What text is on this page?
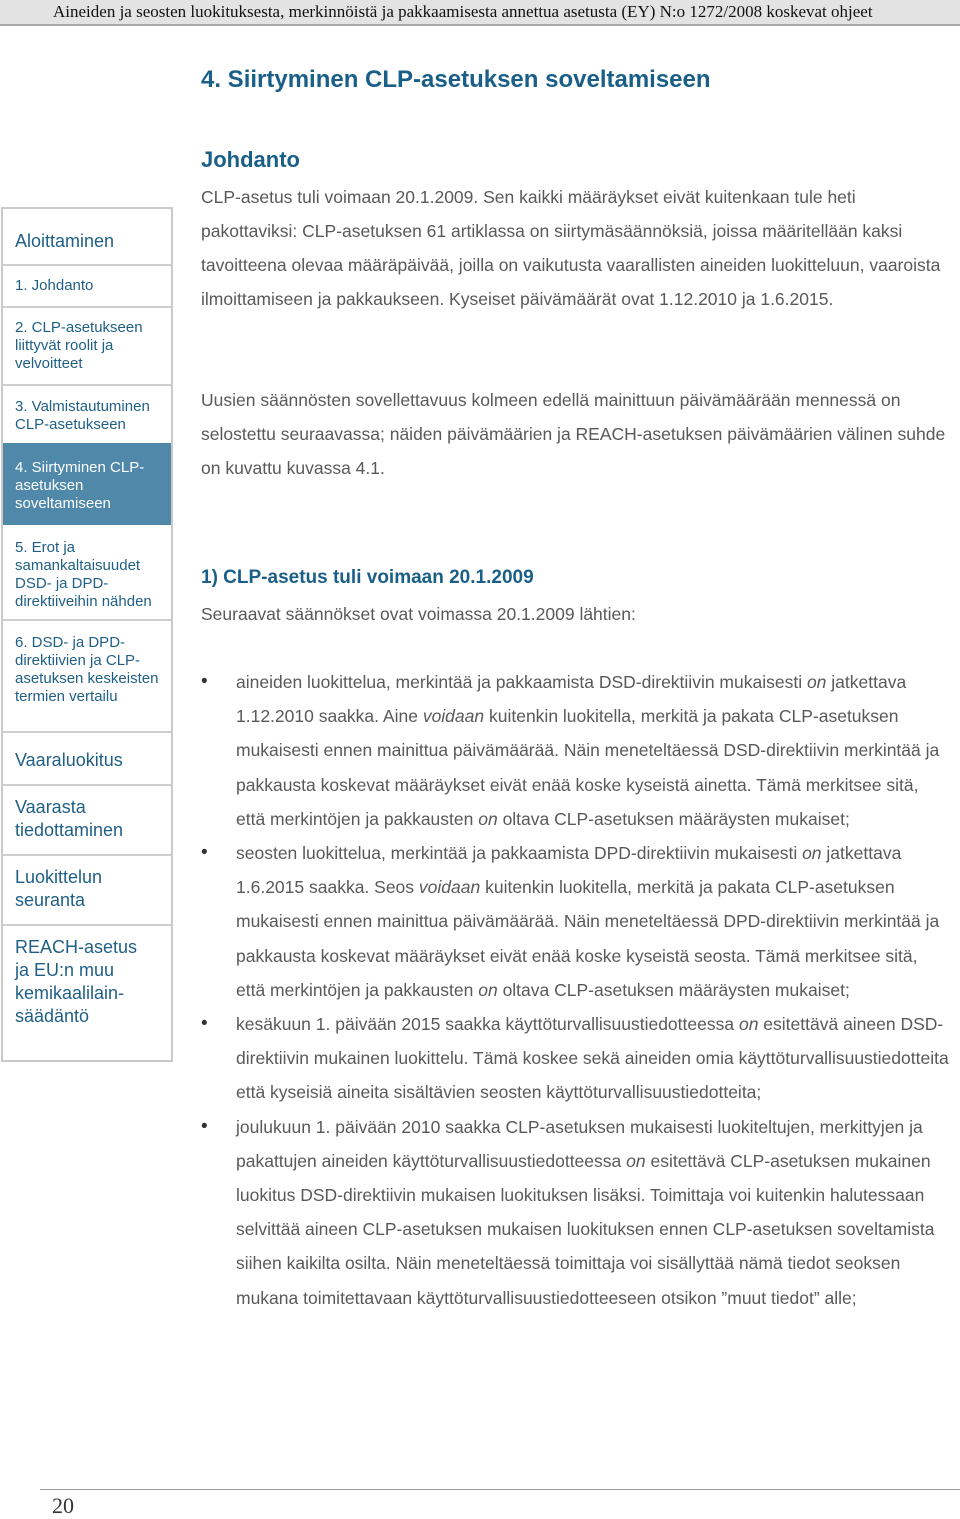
Aineiden ja seosten luokituksesta, merkinnöistä ja pakkaamisesta annettua asetusta (EY) N:o 1272/2008 koskevat ohjeet
4. Siirtyminen CLP-asetuksen soveltamiseen
Aloittaminen
1. Johdanto
2. CLP-asetukseen liittyvät roolit ja velvoitteet
3. Valmistautuminen CLP-asetukseen
4. Siirtyminen CLP-asetuksen soveltamiseen
5. Erot ja samankaltaisuudet DSD- ja DPD-direktiiveihin nähden
6. DSD- ja DPD-direktiivien ja CLP-asetuksen keskeisten termien vertailu
Vaaraluokitus
Vaarasta tiedottaminen
Luokittelun seuranta
REACH-asetus ja EU:n muu kemikaalilain-säädäntö
Johdanto

CLP-asetus tuli voimaan 20.1.2009. Sen kaikki määräykset eivät kuitenkaan tule heti pakottaviksi: CLP-asetuksen 61 artiklassa on siirtymäsäännöksiä, joissa määritellään kaksi tavoitteena olevaa määräpäivää, joilla on vaikutusta vaarallisten aineiden luokitteluun, vaaroista ilmoittamiseen ja pakkaukseen. Kyseiset päivämäärät ovat 1.12.2010 ja 1.6.2015.

Uusien säännösten sovellettavuus kolmeen edellä mainittuun päivämäärään mennessä on selostettu seuraavassa; näiden päivämäärien ja REACH-asetuksen päivämäärien välinen suhde on kuvattu kuvassa 4.1.

1) CLP-asetus tuli voimaan 20.1.2009
Seuraavat säännökset ovat voimassa 20.1.2009 lähtien:
• aineiden luokittelua, merkintää ja pakkaamista DSD-direktiivin mukaisesti on jatkettava 1.12.2010 saakka. Aine voidaan kuitenkin luokitella, merkitä ja pakata CLP-asetuksen mukaisesti ennen mainittua päivämäärää. Näin meneteltäessä DSD-direktiivin merkintää ja pakkausta koskevat määräykset eivät enää koske kyseistä ainetta. Tämä merkitsee sitä, että merkintöjen ja pakkausten on oltava CLP-asetuksen määräysten mukaiset;
• seosten luokittelua, merkintää ja pakkaamista DPD-direktiivin mukaisesti on jatkettava 1.6.2015 saakka. Seos voidaan kuitenkin luokitella, merkitä ja pakata CLP-asetuksen mukaisesti ennen mainittua päivämäärää. Näin meneteltäessä DPD-direktiivin merkintää ja pakkausta koskevat määräykset eivät enää koske kyseistä seosta. Tämä merkitsee sitä, että merkintöjen ja pakkausten on oltava CLP-asetuksen määräysten mukaiset;
• kesäkuun 1. päivään 2015 saakka käyttöturvallisuustiedotteessa on esitettävä aineen DSD-direktiivin mukainen luokittelu. Tämä koskee sekä aineiden omia käyttöturvallisuustiedotteita että kyseisiä aineita sisältävien seosten käyttöturvallisuustiedotteita;
• joulukuun 1. päivään 2010 saakka CLP-asetuksen mukaisesti luokiteltujen, merkittyjen ja pakattujen aineiden käyttöturvallisuustiedotteessa on esitettävä CLP-asetuksen mukainen luokitus DSD-direktiivin mukaisen luokituksen lisäksi. Toimittaja voi kuitenkin halutessaan selvittää aineen CLP-asetuksen mukaisen luokituksen ennen CLP-asetuksen soveltamista siihen kaikilta osilta. Näin meneteltäessä toimittaja voi sisällyttää nämä tiedot seoksen mukana toimitettavaan käyttöturvallisuustiedotteeseen otsikon ”muut tiedot” alle;
20
